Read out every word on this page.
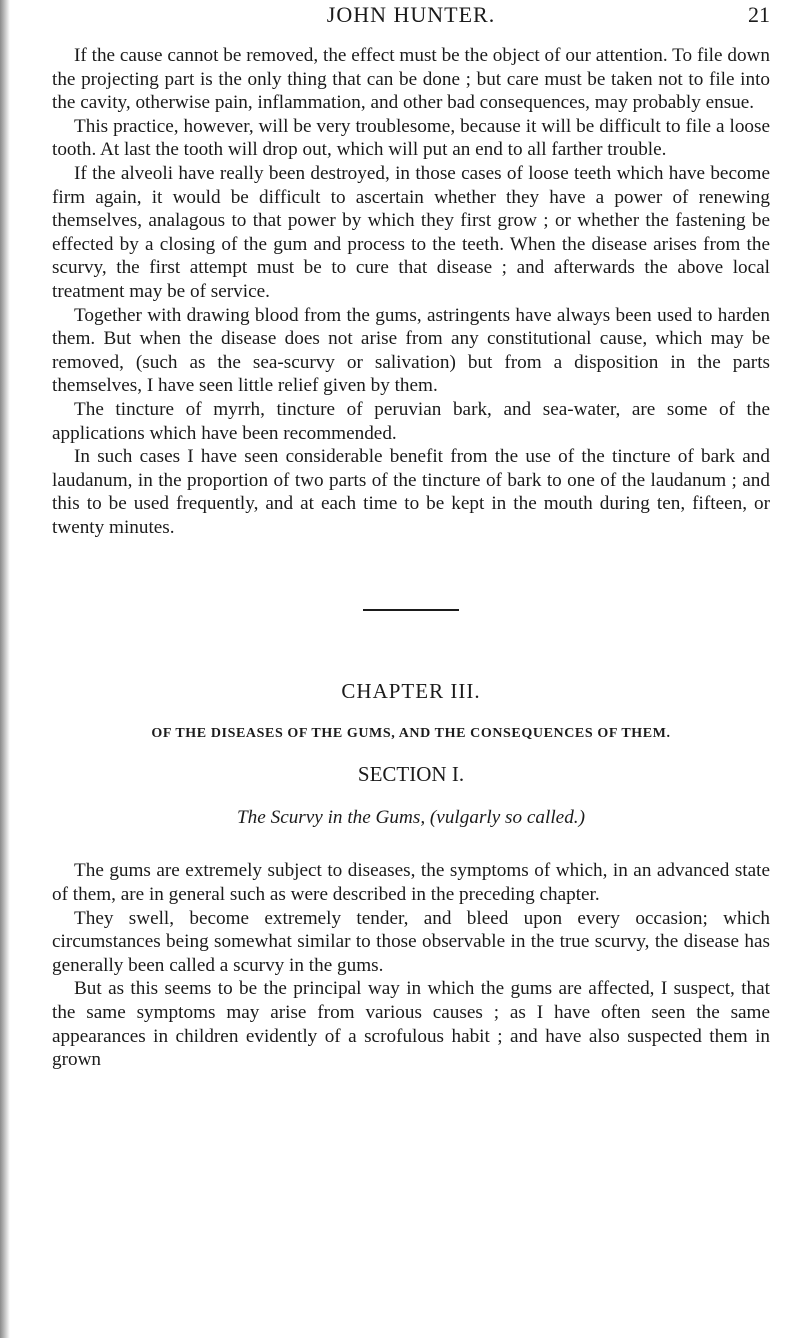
JOHN HUNTER.	21

If the cause cannot be removed, the effect must be the object of our attention. To file down the projecting part is the only thing that can be done ; but care must be taken not to file into the cavity, otherwise pain, inflammation, and other bad consequences, may probably ensue.

This practice, however, will be very troublesome, because it will be difficult to file a loose tooth. At last the tooth will drop out, which will put an end to all farther trouble.

If the alveoli have really been destroyed, in those cases of loose teeth which have become firm again, it would be difficult to ascertain whether they have a power of renewing themselves, analagous to that power by which they first grow ; or whether the fastening be effected by a closing of the gum and process to the teeth. When the disease arises from the scurvy, the first attempt must be to cure that disease ; and afterwards the above local treatment may be of service.

Together with drawing blood from the gums, astringents have always been used to harden them. But when the disease does not arise from any constitutional cause, which may be removed, (such as the sea-scurvy or salivation) but from a disposition in the parts themselves, I have seen little relief given by them.

The tincture of myrrh, tincture of peruvian bark, and sea-water, are some of the applications which have been recommended.

In such cases I have seen considerable benefit from the use of the tincture of bark and laudanum, in the proportion of two parts of the tincture of bark to one of the laudanum ; and this to be used frequently, and at each time to be kept in the mouth during ten, fifteen, or twenty minutes.

CHAPTER III.
OF THE DISEASES OF THE GUMS, AND THE CONSEQUENCES OF THEM.
SECTION I.
The Scurvy in the Gums, (vulgarly so called.)

The gums are extremely subject to diseases, the symptoms of which, in an advanced state of them, are in general such as were described in the preceding chapter.

They swell, become extremely tender, and bleed upon every occasion; which circumstances being somewhat similar to those observable in the true scurvy, the disease has generally been called a scurvy in the gums.

But as this seems to be the principal way in which the gums are affected, I suspect, that the same symptoms may arise from various causes ; as I have often seen the same appearances in children evidently of a scrofulous habit ; and have also suspected them in grown
